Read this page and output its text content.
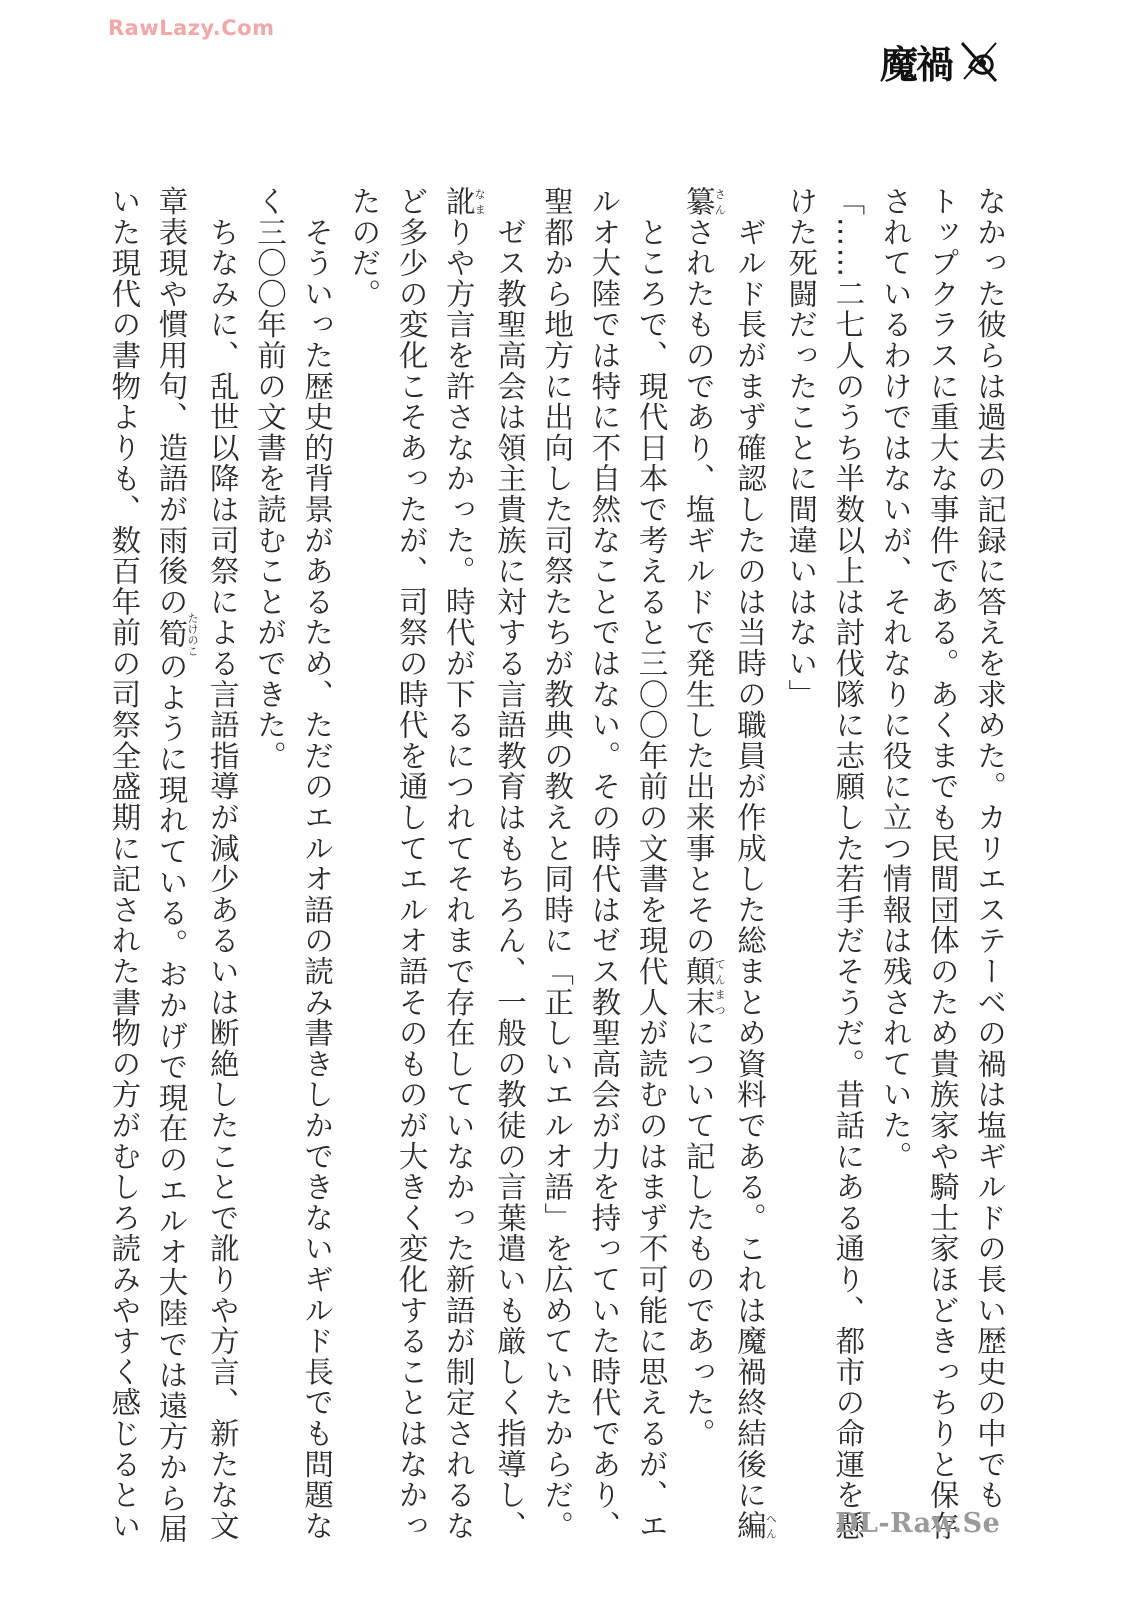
RawLazy.Com
魔禍
なかった彼らは過去の記録に答えを求めた。カリエステーベの禍は塩ギルドの長い歴史の中でも
トップクラスに重大な事件である。あくまでも民間団体のため貴族家や騎士家ほどきっちりと保存
されているわけではないが、それなりに役に立つ情報は残されていた。
「……二七人のうち半数以上は討伐隊に志願した若手だそうだ。昔話にある通り、都市の命運を懸
けた死闘だったことに間違いはない」
　ギルド長がまず確認したのは当時の職員が作成した総まとめ資料である。これは魔禍終結後に編へん
纂さんされたものであり、塩ギルドで発生した出来事とその顛末てんまつについて記したものであった。
　ところで、現代日本で考えると三〇〇年前の文書を現代人が読むのはまず不可能に思えるが、エ
ルオ大陸では特に不自然なことではない。その時代はゼス教聖高会が力を持っていた時代であり、
聖都から地方に出向した司祭たちが教典の教えと同時に「正しいエルオ語」を広めていたからだ。
　ゼス教聖高会は領主貴族に対する言語教育はもちろん、一般の教徒の言葉遣いも厳しく指導し、
訛なまりや方言を許さなかった。時代が下るにつれてそれまで存在していなかった新語が制定されるな
ど多少の変化こそあったが、司祭の時代を通してエルオ語そのものが大きく変化することはなかっ
たのだ。
　そういった歴史的背景があるため、ただのエルオ語の読み書きしかできないギルド長でも問題な
く三〇〇年前の文書を読むことができた。
　ちなみに、乱世以降は司祭による言語指導が減少あるいは断絶したことで訛りや方言、新たな文
章表現や慣用句、造語が雨後の筍たけのこのように現れている。おかげで現在のエルオ大陸では遠方から届
いた現代の書物よりも、数百年前の司祭全盛期に記された書物の方がむしろ読みやすく感じるとい	DL-Raw.Se
